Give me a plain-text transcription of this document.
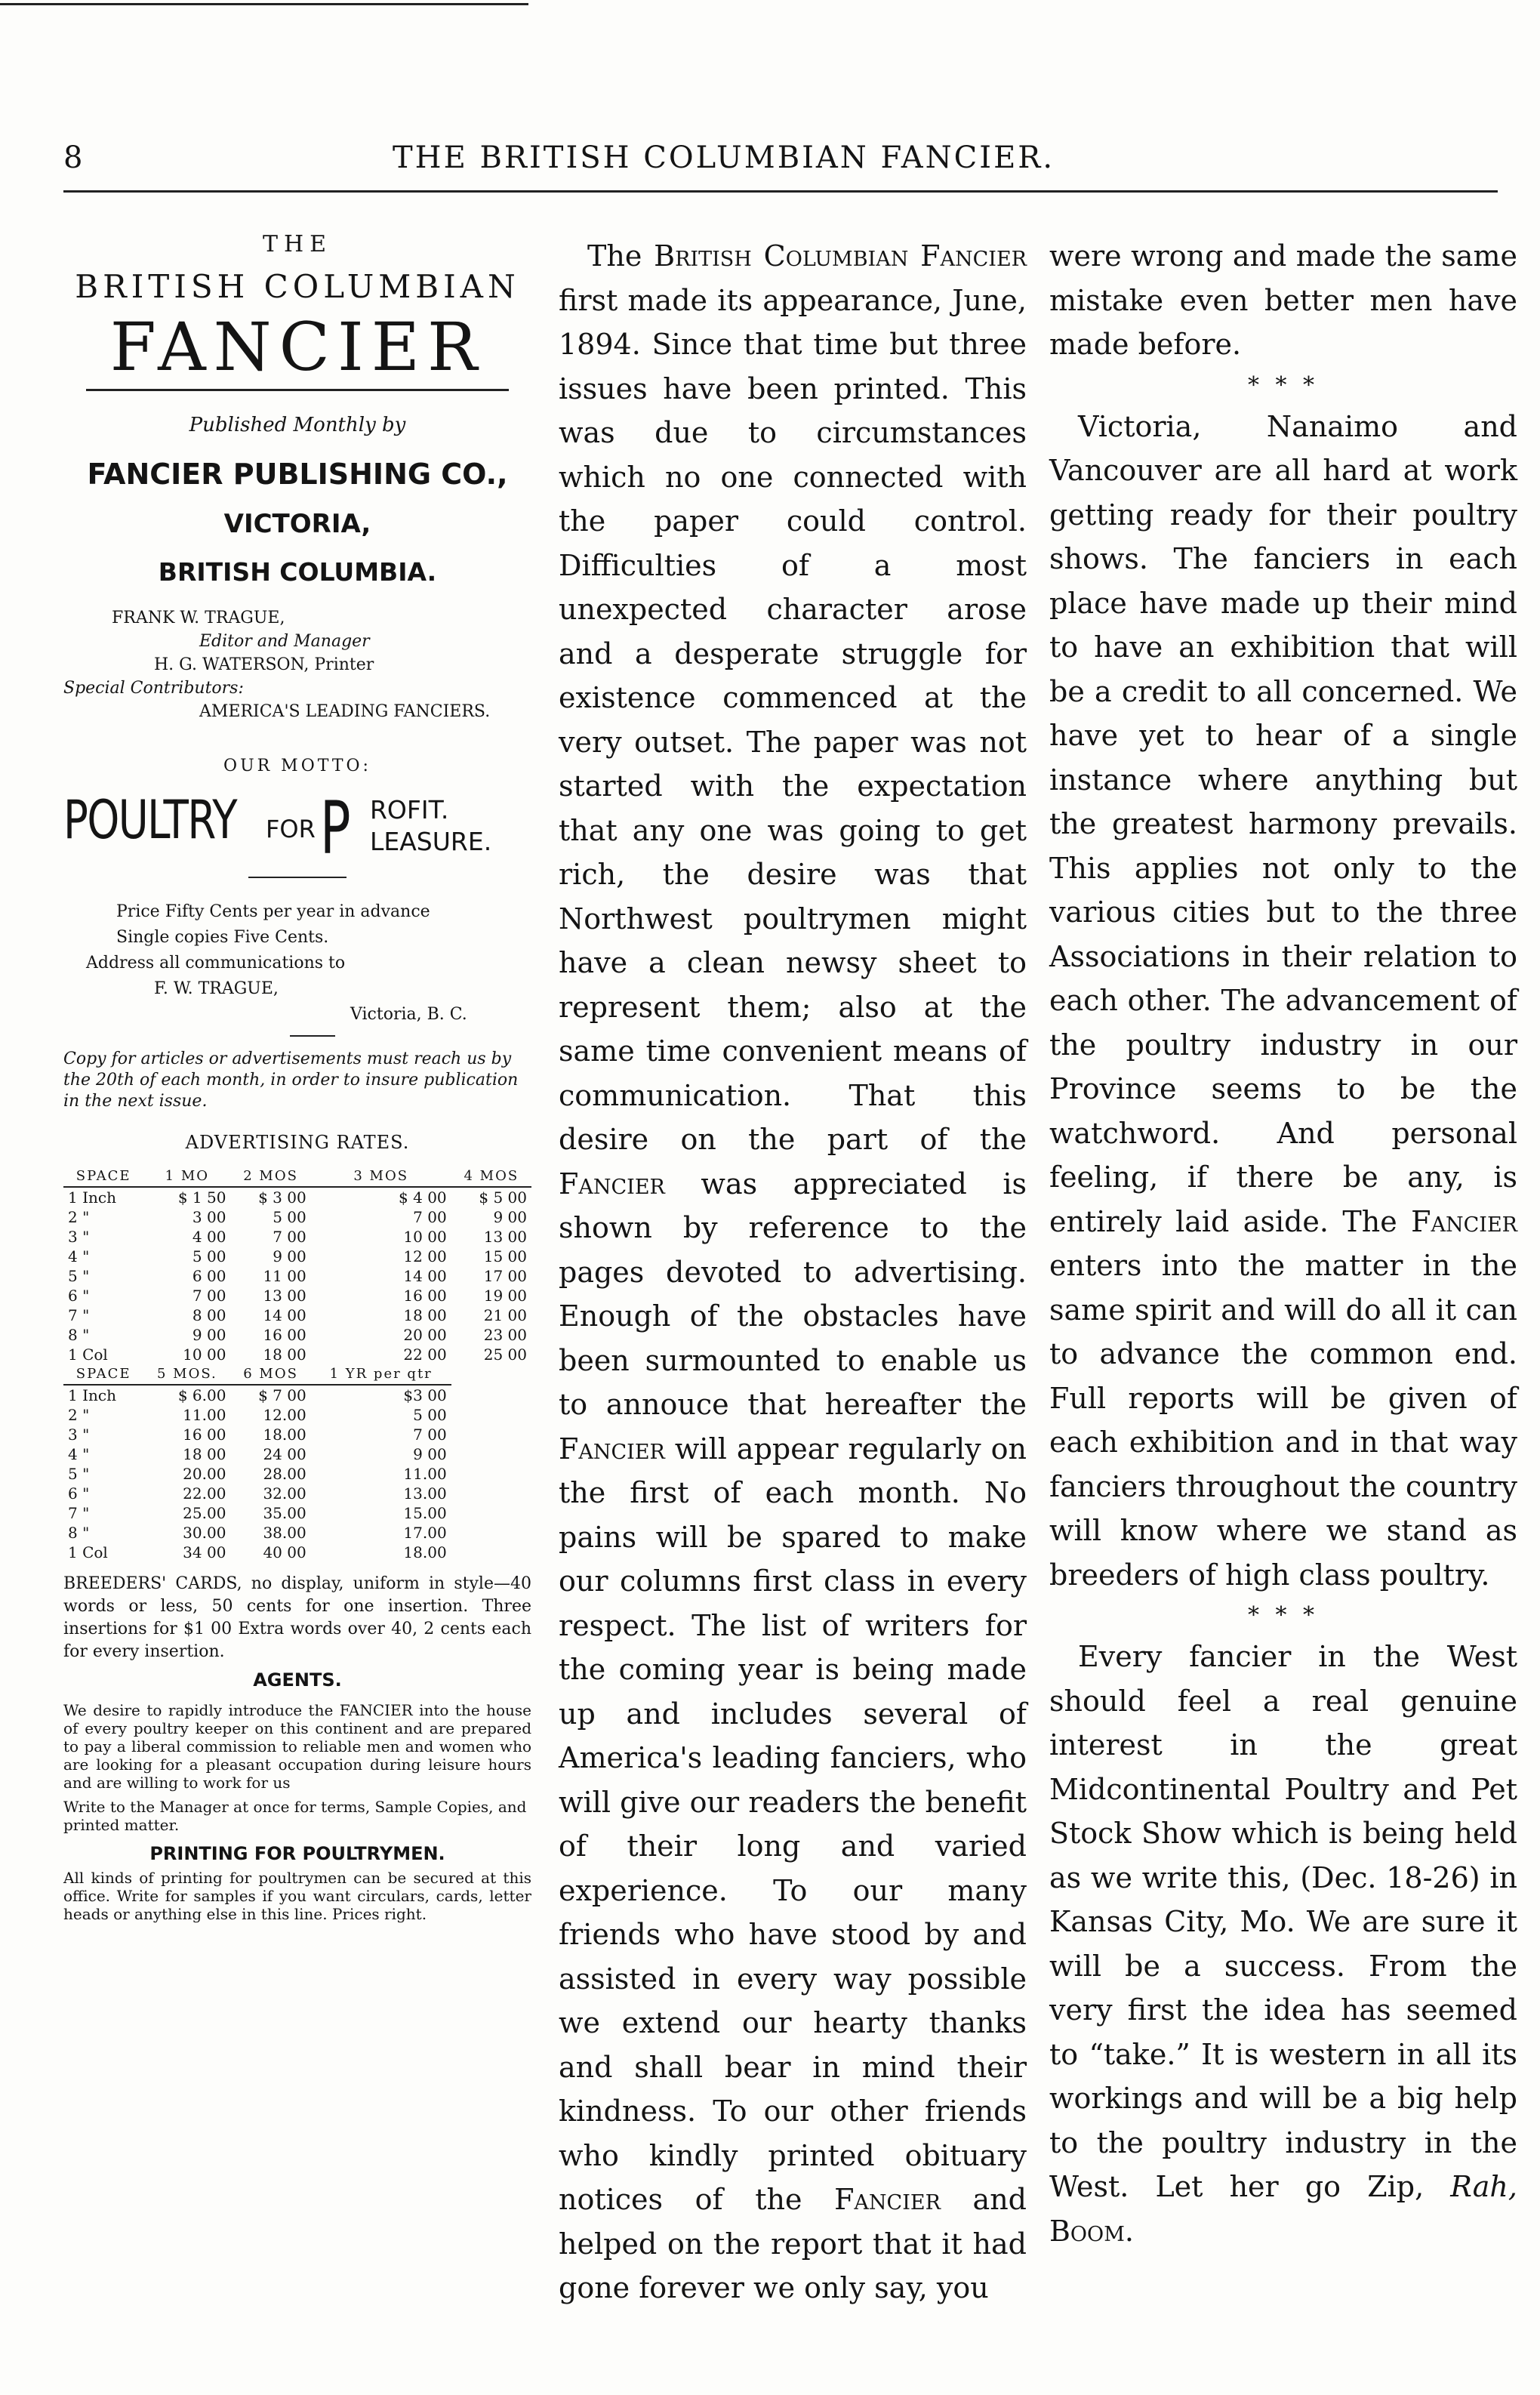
8	THE BRITISH COLUMBIAN FANCIER.
THE
BRITISH COLUMBIAN
FANCIER
Published Monthly by
FANCIER PUBLISHING CO.,
VICTORIA,
BRITISH COLUMBIA.
FRANK W. TRAGUE,
Editor and Manager
H. G. WATERSON, Printer
Special Contributors:
AMERICA'S LEADING FANCIERS.
OUR MOTTO:
POULTRY FOR P ROFIT.
LEASURE.
Price Fifty Cents per year in advance
Single copies Five Cents.
Address all communications to
F. W. TRAGUE,
Victoria, B. C.
Copy for articles or advertisements must reach us by the 20th of each month, in order to insure publication in the next issue.
ADVERTISING RATES.
SPACE	1 MO	2 MOS	3 MOS	4 MOS
1 Inch	$ 1 50	$ 3 00	$ 4 00	$ 5 00
2 "	3 00	5 00	7 00	9 00
3 "	4 00	7 00	10 00	13 00
4 "	5 00	9 00	12 00	15 00
5 "	6 00	11 00	14 00	17 00
6 "	7 00	13 00	16 00	19 00
7 "	8 00	14 00	18 00	21 00
8 "	9 00	16 00	20 00	23 00
1 Col	10 00	18 00	22 00	25 00
SPACE	5 MOS.	6 MOS	1 YR per qtr	
1 Inch	$ 6.00	$ 7 00	$3 00	
2 "	11.00	12.00	5 00	
3 "	16 00	18.00	7 00	
4 "	18 00	24 00	9 00	
5 "	20.00	28.00	11.00	
6 "	22.00	32.00	13.00	
7 "	25.00	35.00	15.00	
8 "	30.00	38.00	17.00	
1 Col	34 00	40 00	18.00	
BREEDERS' CARDS, no display, uniform in style—40 words or less, 50 cents for one insertion. Three insertions for $1 00 Extra words over 40, 2 cents each for every insertion.
AGENTS.
We desire to rapidly introduce the FANCIER into the house of every poultry keeper on this continent and are prepared to pay a liberal commission to reliable men and women who are looking for a pleasant occupation during leisure hours and are willing to work for us
Write to the Manager at once for terms, Sample Copies, and printed matter.
PRINTING FOR POULTRYMEN.
All kinds of printing for poultrymen can be secured at this office. Write for samples if you want circulars, cards, letter heads or anything else in this line. Prices right.

The British Columbian Fancier first made its appearance, June, 1894. Since that time but three issues have been printed. This was due to circumstances which no one connected with the paper could control. Difficulties of a most unexpected character arose and a desperate struggle for existence commenced at the very outset. The paper was not started with the expectation that any one was going to get rich, the desire was that Northwest poultrymen might have a clean newsy sheet to represent them; also at the same time convenient means of communication. That this desire on the part of the Fancier was appreciated is shown by reference to the pages devoted to advertising. Enough of the obstacles have been surmounted to enable us to annouce that hereafter the Fancier will appear regularly on the first of each month. No pains will be spared to make our columns first class in every respect. The list of writers for the coming year is being made up and includes several of America's leading fanciers, who will give our readers the benefit of their long and varied experience. To our many friends who have stood by and assisted in every way possible we extend our hearty thanks and shall bear in mind their kindness. To our other friends who kindly printed obituary notices of the Fancier and helped on the report that it had gone forever we only say, you

were wrong and made the same mistake even better men have made before.

* * *

Victoria, Nanaimo and Vancouver are all hard at work getting ready for their poultry shows. The fanciers in each place have made up their mind to have an exhibition that will be a credit to all concerned. We have yet to hear of a single instance where anything but the greatest harmony prevails. This applies not only to the various cities but to the three Associations in their relation to each other. The advancement of the poultry industry in our Province seems to be the watchword. And personal feeling, if there be any, is entirely laid aside. The Fancier enters into the matter in the same spirit and will do all it can to advance the common end. Full reports will be given of each exhibition and in that way fanciers throughout the country will know where we stand as breeders of high class poultry.

* * *

Every fancier in the West should feel a real genuine interest in the great Midcontinental Poultry and Pet Stock Show which is being held as we write this, (Dec. 18-26) in Kansas City, Mo. We are sure it will be a success. From the very first the idea has seemed to “take.” It is western in all its workings and will be a big help to the poultry industry in the West. Let her go Zip, Rah, Boom.
